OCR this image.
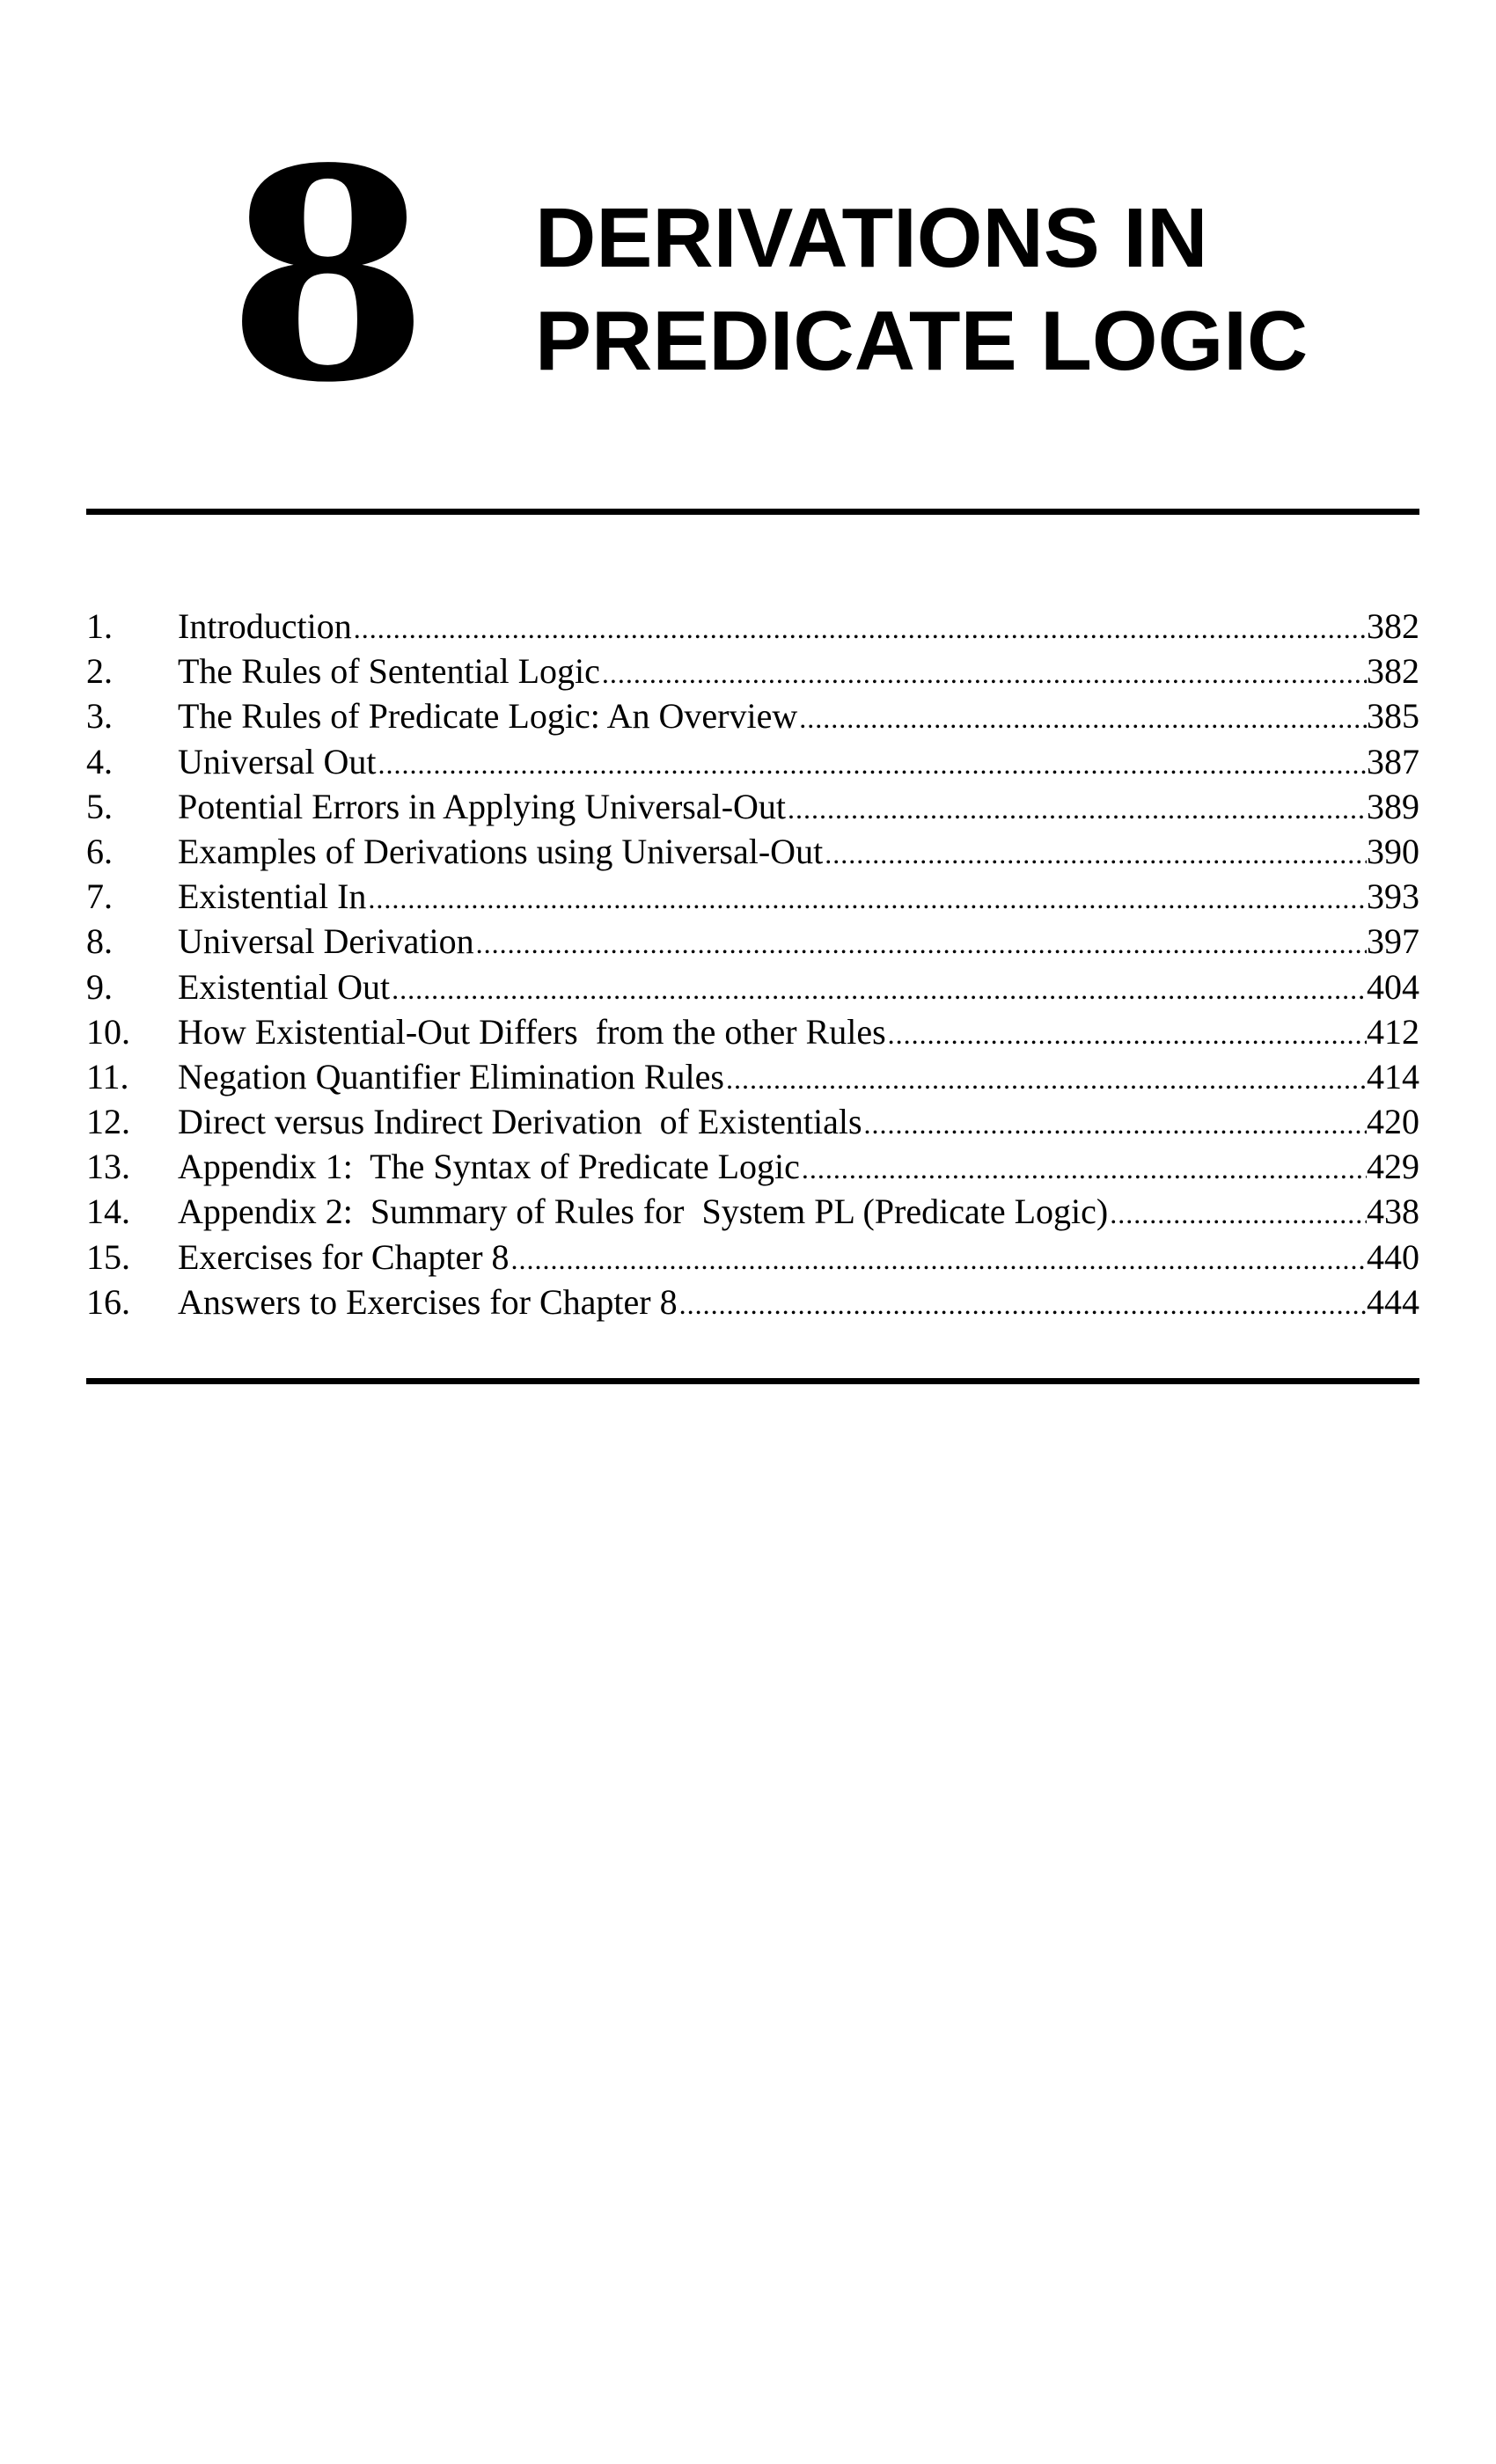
8 DERIVATIONS IN
PREDICATE LOGIC
1.	Introduction .....	382
2.	The Rules of Sentential Logic .....	382
3.	The Rules of Predicate Logic: An Overview .....	385
4.	Universal Out .....	387
5.	Potential Errors in Applying Universal-Out .....	389
6.	Examples of Derivations using Universal-Out .....	390
7.	Existential In .....	393
8.	Universal Derivation .....	397
9.	Existential Out .....	404
10.	How Existential-Out Differs  from the other Rules .....	412
11.	Negation Quantifier Elimination Rules .....	414
12.	Direct versus Indirect Derivation  of Existentials .....	420
13.	Appendix 1:  The Syntax of Predicate Logic .....	429
14.	Appendix 2:  Summary of Rules for  System PL (Predicate Logic) .....	438
15.	Exercises for Chapter 8 .....	440
16.	Answers to Exercises for Chapter 8 .....	444
